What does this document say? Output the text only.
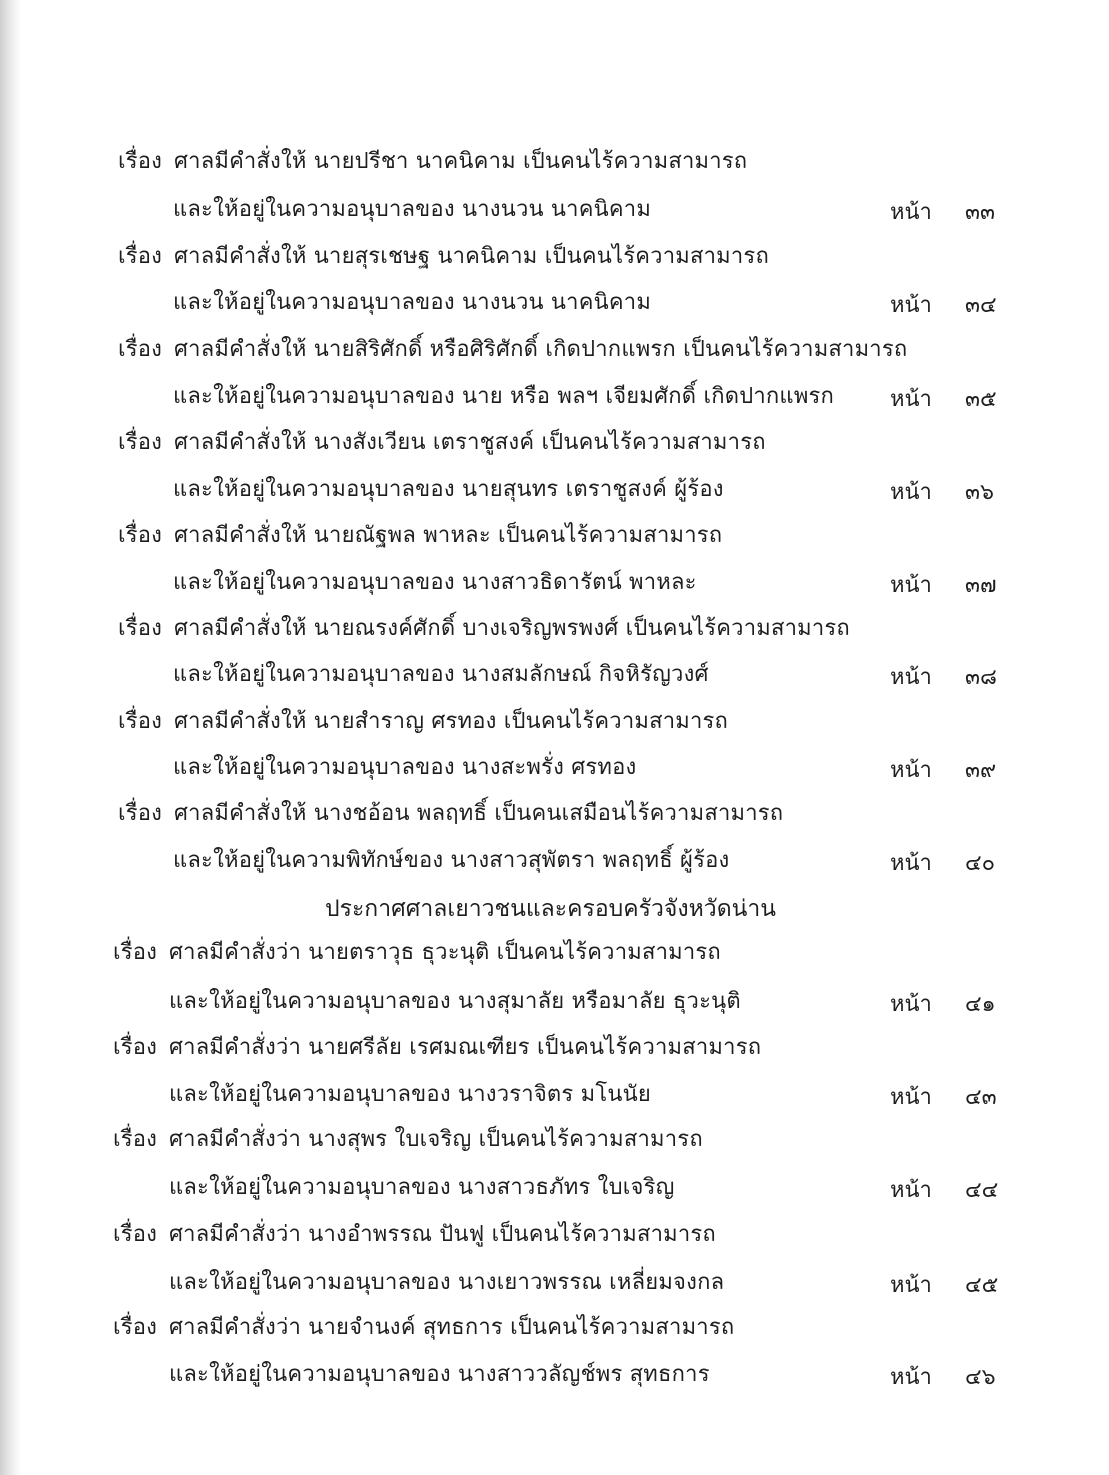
เรื่อง ศาลมีคำสั่งให้ นายปรีชา นาคนิคาม เป็นคนไร้ความสามารถ
และให้อยู่ในความอนุบาลของ นางนวน นาคนิคาม	หน้า ๓๓
เรื่อง ศาลมีคำสั่งให้ นายสุรเชษฐ นาคนิคาม เป็นคนไร้ความสามารถ
และให้อยู่ในความอนุบาลของ นางนวน นาคนิคาม	หน้า ๓๔
เรื่อง ศาลมีคำสั่งให้ นายสิริศักดิ์ หรือศิริศักดิ์ เกิดปากแพรก เป็นคนไร้ความสามารถ
และให้อยู่ในความอนุบาลของ นาย หรือ พลฯ เจียมศักดิ์ เกิดปากแพรก	หน้า ๓๕
เรื่อง ศาลมีคำสั่งให้ นางสังเวียน เตราชูสงค์ เป็นคนไร้ความสามารถ
และให้อยู่ในความอนุบาลของ นายสุนทร เตราชูสงค์ ผู้ร้อง	หน้า ๓๖
เรื่อง ศาลมีคำสั่งให้ นายณัฐพล พาหละ เป็นคนไร้ความสามารถ
และให้อยู่ในความอนุบาลของ นางสาวธิดารัตน์ พาหละ	หน้า ๓๗
เรื่อง ศาลมีคำสั่งให้ นายณรงค์ศักดิ์ บางเจริญพรพงศ์ เป็นคนไร้ความสามารถ
และให้อยู่ในความอนุบาลของ นางสมลักษณ์ กิจหิรัญวงศ์	หน้า ๓๘
เรื่อง ศาลมีคำสั่งให้ นายสำราญ ศรทอง เป็นคนไร้ความสามารถ
และให้อยู่ในความอนุบาลของ นางสะพรั่ง ศรทอง	หน้า ๓๙
เรื่อง ศาลมีคำสั่งให้ นางชอ้อน พลฤทธิ์ เป็นคนเสมือนไร้ความสามารถ
และให้อยู่ในความพิทักษ์ของ นางสาวสุพัตรา พลฤทธิ์ ผู้ร้อง	หน้า ๔๐
ประกาศศาลเยาวชนและครอบครัวจังหวัดน่าน
เรื่อง ศาลมีคำสั่งว่า นายตราวุธ ธุวะนุติ เป็นคนไร้ความสามารถ
และให้อยู่ในความอนุบาลของ นางสุมาลัย หรือมาลัย ธุวะนุติ	หน้า ๔๑
เรื่อง ศาลมีคำสั่งว่า นายศรีลัย เรศมณเฑียร เป็นคนไร้ความสามารถ
และให้อยู่ในความอนุบาลของ นางวราจิตร มโนนัย	หน้า ๔๓
เรื่อง ศาลมีคำสั่งว่า นางสุพร ใบเจริญ เป็นคนไร้ความสามารถ
และให้อยู่ในความอนุบาลของ นางสาวธภัทร ใบเจริญ	หน้า ๔๔
เรื่อง ศาลมีคำสั่งว่า นางอำพรรณ ปันฟู เป็นคนไร้ความสามารถ
และให้อยู่ในความอนุบาลของ นางเยาวพรรณ เหลี่ยมจงกล	หน้า ๔๕
เรื่อง ศาลมีคำสั่งว่า นายจำนงค์ สุทธการ เป็นคนไร้ความสามารถ
และให้อยู่ในความอนุบาลของ นางสาววลัญช์พร สุทธการ	หน้า ๔๖
